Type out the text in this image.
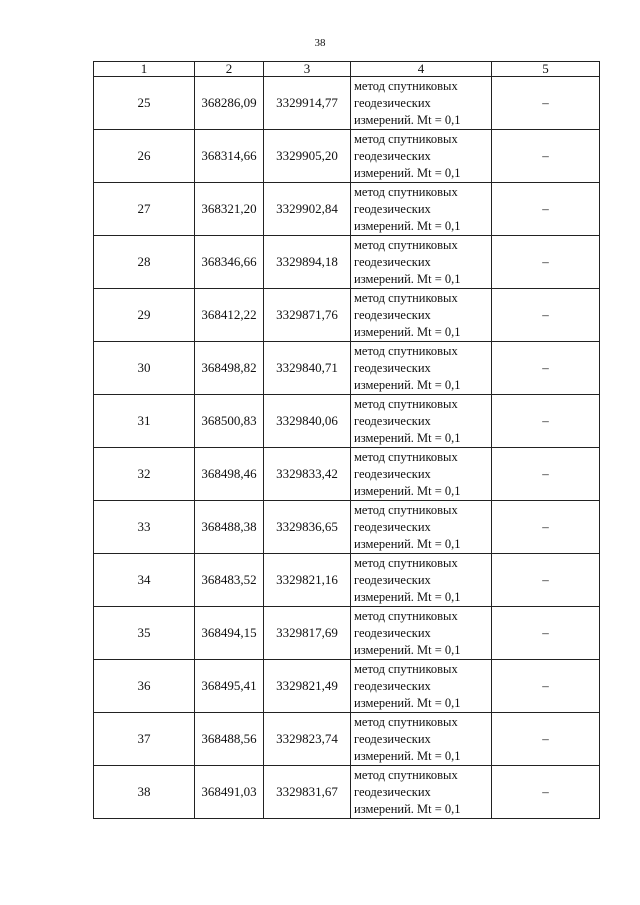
38
1	2	3	4	5
25	368286,09	3329914,77	метод спутниковых
геодезических
измерений. Mt = 0,1	–
26	368314,66	3329905,20	метод спутниковых
геодезических
измерений. Mt = 0,1	–
27	368321,20	3329902,84	метод спутниковых
геодезических
измерений. Mt = 0,1	–
28	368346,66	3329894,18	метод спутниковых
геодезических
измерений. Mt = 0,1	–
29	368412,22	3329871,76	метод спутниковых
геодезических
измерений. Mt = 0,1	–
30	368498,82	3329840,71	метод спутниковых
геодезических
измерений. Mt = 0,1	–
31	368500,83	3329840,06	метод спутниковых
геодезических
измерений. Mt = 0,1	–
32	368498,46	3329833,42	метод спутниковых
геодезических
измерений. Mt = 0,1	–
33	368488,38	3329836,65	метод спутниковых
геодезических
измерений. Mt = 0,1	–
34	368483,52	3329821,16	метод спутниковых
геодезических
измерений. Mt = 0,1	–
35	368494,15	3329817,69	метод спутниковых
геодезических
измерений. Mt = 0,1	–
36	368495,41	3329821,49	метод спутниковых
геодезических
измерений. Mt = 0,1	–
37	368488,56	3329823,74	метод спутниковых
геодезических
измерений. Mt = 0,1	–
38	368491,03	3329831,67	метод спутниковых
геодезических
измерений. Mt = 0,1	–
